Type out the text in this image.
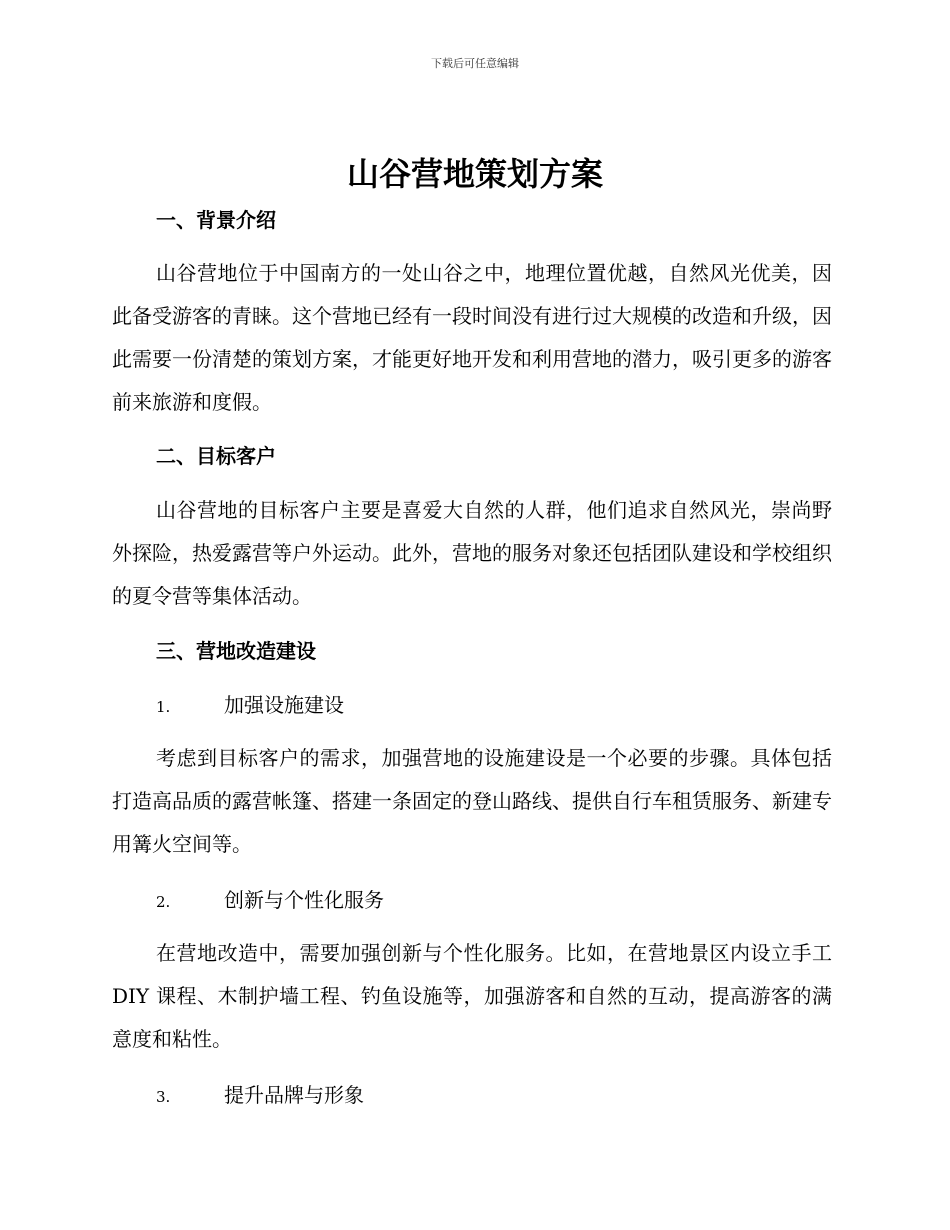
下载后可任意编辑
山谷营地策划方案

一、背景介绍

山谷营地位于中国南方的一处山谷之中，地理位置优越，自然风光优美，因此备受游客的青睐。这个营地已经有一段时间没有进行过大规模的改造和升级，因此需要一份清楚的策划方案，才能更好地开发和利用营地的潜力，吸引更多的游客前来旅游和度假。

二、目标客户

山谷营地的目标客户主要是喜爱大自然的人群，他们追求自然风光，崇尚野外探险，热爱露营等户外运动。此外，营地的服务对象还包括团队建设和学校组织的夏令营等集体活动。

三、营地改造建设

1.	加强设施建设

考虑到目标客户的需求，加强营地的设施建设是一个必要的步骤。具体包括打造高品质的露营帐篷、搭建一条固定的登山路线、提供自行车租赁服务、新建专用篝火空间等。

2.	创新与个性化服务

在营地改造中，需要加强创新与个性化服务。比如，在营地景区内设立手工 DIY 课程、木制护墙工程、钓鱼设施等，加强游客和自然的互动，提高游客的满意度和粘性。

3.	提升品牌与形象
